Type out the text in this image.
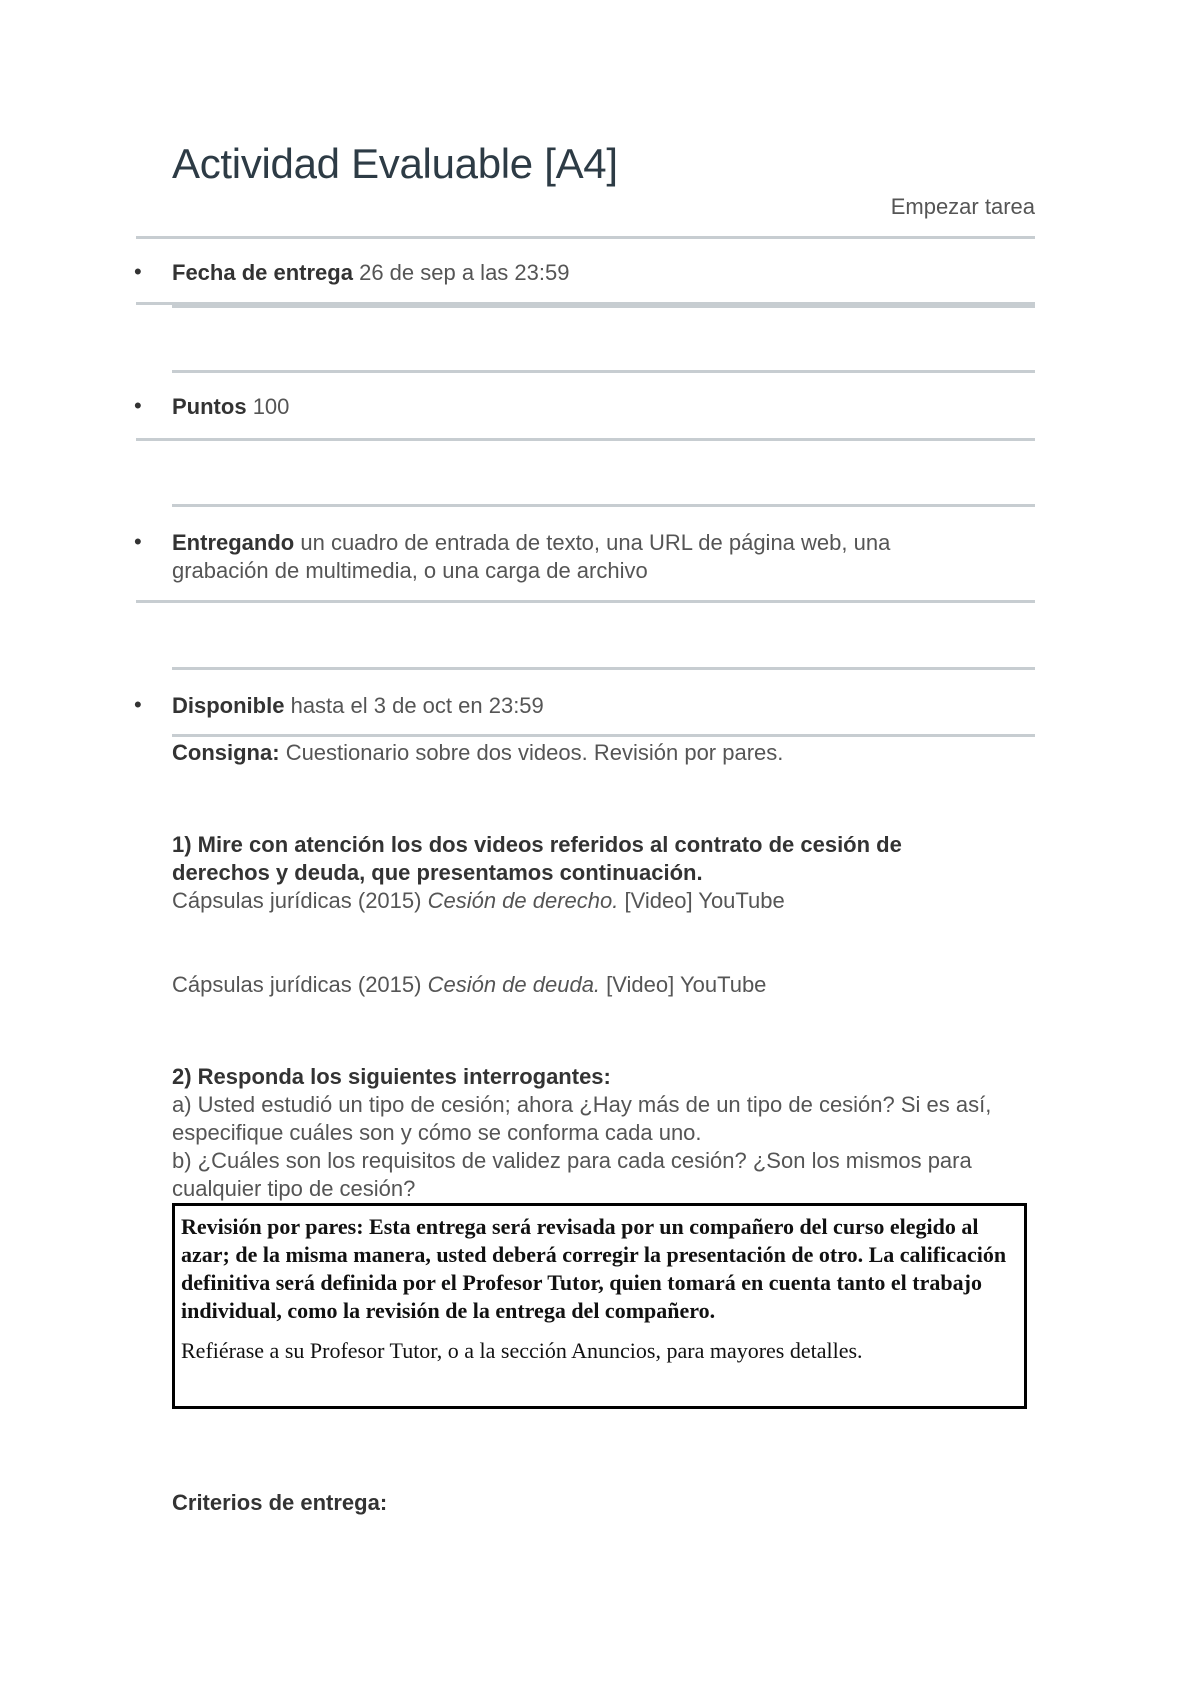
Actividad Evaluable [A4]
Empezar tarea
• Fecha de entrega 26 de sep a las 23:59
• Puntos 100
• Entregando un cuadro de entrada de texto, una URL de página web, una grabación de multimedia, o una carga de archivo
• Disponible hasta el 3 de oct en 23:59
Consigna: Cuestionario sobre dos videos. Revisión por pares.
1) Mire con atención los dos videos referidos al contrato de cesión de derechos y deuda, que presentamos continuación.
Cápsulas jurídicas (2015) Cesión de derecho. [Video] YouTube
Cápsulas jurídicas (2015) Cesión de deuda. [Video] YouTube
2) Responda los siguientes interrogantes:
a) Usted estudió un tipo de cesión; ahora ¿Hay más de un tipo de cesión? Si es así, especifique cuáles son y cómo se conforma cada uno.
b) ¿Cuáles son los requisitos de validez para cada cesión? ¿Son los mismos para cualquier tipo de cesión?

Revisión por pares: Esta entrega será revisada por un compañero del curso elegido al azar; de la misma manera, usted deberá corregir la presentación de otro. La calificación definitiva será definida por el Profesor Tutor, quien tomará en cuenta tanto el trabajo individual, como la revisión de la entrega del compañero.

Refiérase a su Profesor Tutor, o a la sección Anuncios, para mayores detalles.

Criterios de entrega:
